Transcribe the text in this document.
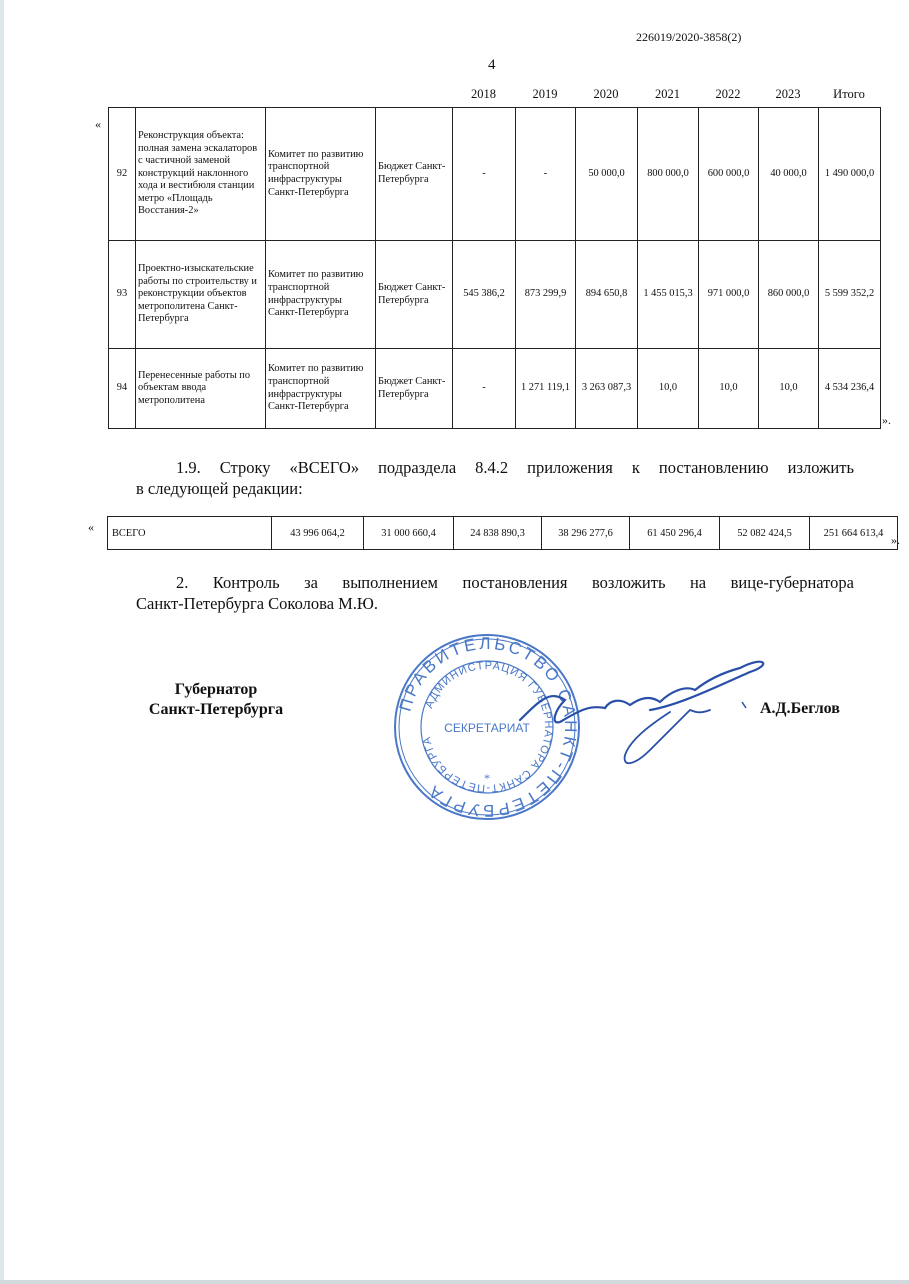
226019/2020-3858(2)
4
2018	2019	2020	2021	2022	2023	Итого
«
92	Реконструкция объекта: полная замена эскалаторов с частичной заменой конструкций наклонного хода и вестибюля станции метро «Площадь Восстания-2»	Комитет по развитию транспортной инфраструктуры Санкт-Петербурга	Бюджет Санкт-Петербурга	-	-	50 000,0	800 000,0	600 000,0	40 000,0	1 490 000,0
93	Проектно-изыскательские работы по строительству и реконструкции объектов метрополитена Санкт-Петербурга	Комитет по развитию транспортной инфраструктуры Санкт-Петербурга	Бюджет Санкт-Петербурга	545 386,2	873 299,9	894 650,8	1 455 015,3	971 000,0	860 000,0	5 599 352,2
94	Перенесенные работы по объектам ввода метрополитена	Комитет по развитию транспортной инфраструктуры Санкт-Петербурга	Бюджет Санкт-Петербурга	-	1 271 119,1	3 263 087,3	10,0	10,0	10,0	4 534 236,4
».
1.9. Строку «ВСЕГО» подраздела 8.4.2 приложения к постановлению изложить
в следующей редакции:
« ВСЕГО	43 996 064,2	31 000 660,4	24 838 890,3	38 296 277,6	61 450 296,4	52 082 424,5	251 664 613,4 ».
2. Контроль за выполнением постановления возложить на вице-губернатора
Санкт-Петербурга Соколова М.Ю.
Губернатор
Санкт-Петербурга	ПРАВИТЕЛЬСТВО САНКТ-ПЕТЕРБУРГА
АДМИНИСТРАЦИЯ ГУБЕРНАТОРА САНКТ-ПЕТЕРБУРГА
СЕКРЕТАРИАТ
*
А.Д.Беглов
